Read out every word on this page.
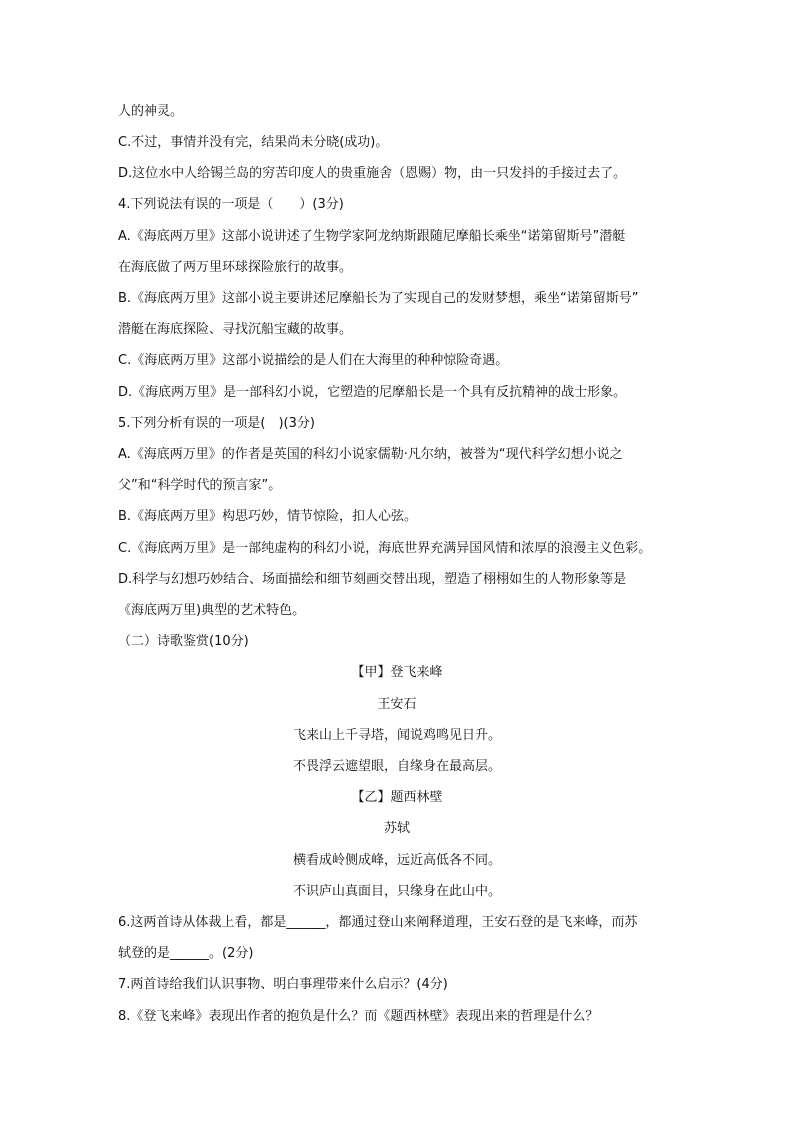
人的神灵。
C.不过，事情并没有完，结果尚未分晓(成功)。
D.这位水中人给锡兰岛的穷苦印度人的贵重施舍（恩赐）物，由一只发抖的手接过去了。
4.下列说法有误的一项是（　　）(3分)
A.《海底两万里》这部小说讲述了生物学家阿龙纳斯跟随尼摩船长乘坐“诺第留斯号”潜艇
在海底做了两万里环球探险旅行的故事。
B.《海底两万里》这部小说主要讲述尼摩船长为了实现自己的发财梦想，乘坐“诺第留斯号”
潜艇在海底探险、寻找沉船宝藏的故事。
C.《海底两万里》这部小说描绘的是人们在大海里的种种惊险奇遇。
D.《海底两万里》是一部科幻小说，它塑造的尼摩船长是一个具有反抗精神的战士形象。
5.下列分析有误的一项是(　)(3分)
A.《海底两万里》的作者是英国的科幻小说家儒勒·凡尔纳，被誉为“现代科学幻想小说之
父”和“科学时代的预言家”。
B.《海底两万里》构思巧妙，情节惊险，扣人心弦。
C.《海底两万里》是一部纯虚构的科幻小说，海底世界充满异国风情和浓厚的浪漫主义色彩。
D.科学与幻想巧妙结合、场面描绘和细节刻画交替出现，塑造了栩栩如生的人物形象等是
《海底两万里)典型的艺术特色。
（二）诗歌鉴赏(10分)
【甲】登飞来峰
王安石
飞来山上千寻塔，闻说鸡鸣见日升。
不畏浮云遮望眼，自缘身在最高层。
【乙】题西林壁
苏轼
横看成岭侧成峰，远近高低各不同。
不识庐山真面目，只缘身在此山中。
6.这两首诗从体裁上看，都是______，都通过登山来阐释道理，王安石登的是飞来峰，而苏
轼登的是______。(2分)
7.两首诗给我们认识事物、明白事理带来什么启示？(4分)
8.《登飞来峰》表现出作者的抱负是什么？而《题西林壁》表现出来的哲理是什么？
